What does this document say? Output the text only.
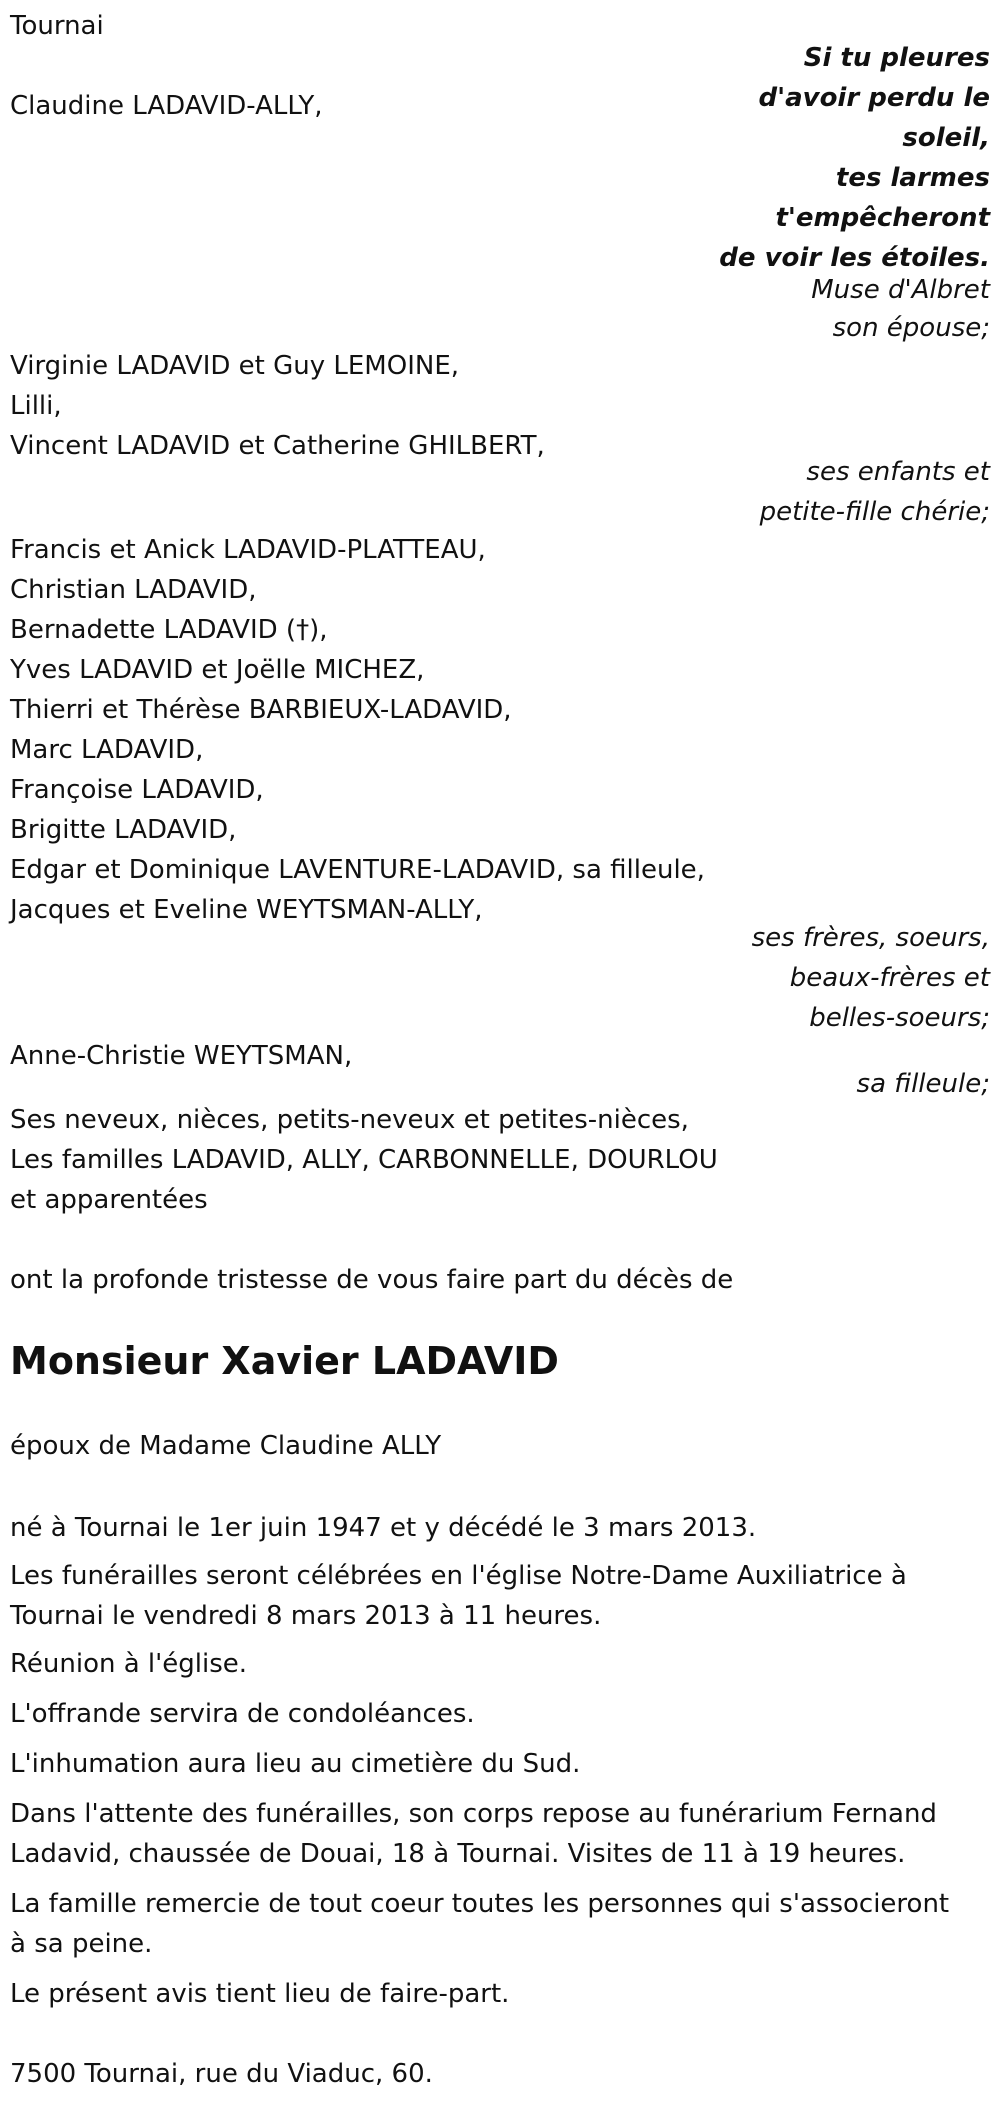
Tournai
Si tu pleures
d'avoir perdu le
soleil,
tes larmes
t'empêcheront
de voir les étoiles.
Muse d'Albret
Claudine LADAVID-ALLY,
son épouse;
Virginie LADAVID et Guy LEMOINE,
Lilli,
Vincent LADAVID et Catherine GHILBERT,
ses enfants et
petite-fille chérie;
Francis et Anick LADAVID-PLATTEAU,
Christian LADAVID,
Bernadette LADAVID (†),
Yves LADAVID et Joëlle MICHEZ,
Thierri et Thérèse BARBIEUX-LADAVID,
Marc LADAVID,
Françoise LADAVID,
Brigitte LADAVID,
Edgar et Dominique LAVENTURE-LADAVID, sa filleule,
Jacques et Eveline WEYTSMAN-ALLY,
ses frères, soeurs,
beaux-frères et
belles-soeurs;
Anne-Christie WEYTSMAN,
sa filleule;
Ses neveux, nièces, petits-neveux et petites-nièces,
Les familles LADAVID, ALLY, CARBONNELLE, DOURLOU
et apparentées
ont la profonde tristesse de vous faire part du décès de
Monsieur Xavier LADAVID
époux de Madame Claudine ALLY
né à Tournai le 1er juin 1947 et y décédé le 3 mars 2013.
Les funérailles seront célébrées en l'église Notre-Dame Auxiliatrice à
Tournai le vendredi 8 mars 2013 à 11 heures.
Réunion à l'église.
L'offrande servira de condoléances.
L'inhumation aura lieu au cimetière du Sud.
Dans l'attente des funérailles, son corps repose au funérarium Fernand
Ladavid, chaussée de Douai, 18 à Tournai. Visites de 11 à 19 heures.
La famille remercie de tout coeur toutes les personnes qui s'associeront
à sa peine.
Le présent avis tient lieu de faire-part.
7500 Tournai, rue du Viaduc, 60.
